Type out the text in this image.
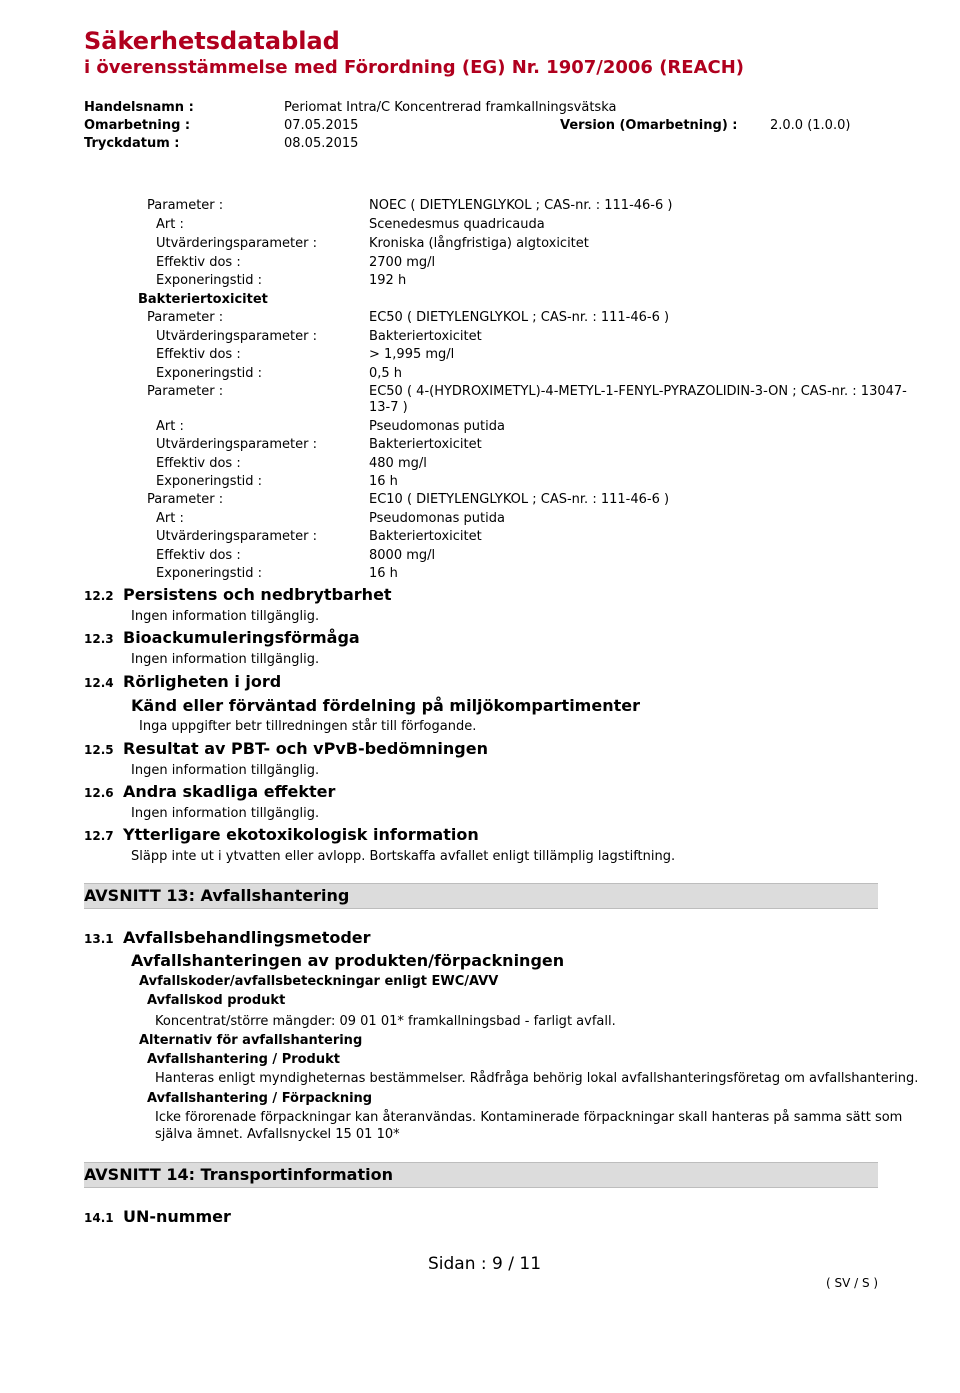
Säkerhetsdatablad
i överensstämmelse med Förordning (EG) Nr. 1907/2006 (REACH)
Handelsnamn :	Periomat Intra/C Koncentrerad framkallningsvätska
Omarbetning :	07.05.2015	Version (Omarbetning) :	2.0.0 (1.0.0)
Tryckdatum :	08.05.2015
Parameter :	NOEC ( DIETYLENGLYKOL ; CAS-nr. : 111-46-6 )
Art :	Scenedesmus quadricauda
Utvärderingsparameter :	Kroniska (långfristiga) algtoxicitet
Effektiv dos :	2700 mg/l
Exponeringstid :	192 h
Bakteriertoxicitet
Parameter :	EC50 ( DIETYLENGLYKOL ; CAS-nr. : 111-46-6 )
Utvärderingsparameter :	Bakteriertoxicitet
Effektiv dos :	> 1,995 mg/l
Exponeringstid :	0,5 h
Parameter :	EC50 ( 4-(HYDROXIMETYL)-4-METYL-1-FENYL-PYRAZOLIDIN-3-ON ; CAS-nr. : 13047-
13-7 )
Art :	Pseudomonas putida
Utvärderingsparameter :	Bakteriertoxicitet
Effektiv dos :	480 mg/l
Exponeringstid :	16 h
Parameter :	EC10 ( DIETYLENGLYKOL ; CAS-nr. : 111-46-6 )
Art :	Pseudomonas putida
Utvärderingsparameter :	Bakteriertoxicitet
Effektiv dos :	8000 mg/l
Exponeringstid :	16 h
12.2 Persistens och nedbrytbarhet
Ingen information tillgänglig.
12.3 Bioackumuleringsförmåga
Ingen information tillgänglig.
12.4 Rörligheten i jord
Känd eller förväntad fördelning på miljökompartimenter
Inga uppgifter betr tillredningen står till förfogande.
12.5 Resultat av PBT- och vPvB-bedömningen
Ingen information tillgänglig.
12.6 Andra skadliga effekter
Ingen information tillgänglig.
12.7 Ytterligare ekotoxikologisk information
Släpp inte ut i ytvatten eller avlopp. Bortskaffa avfallet enligt tillämplig lagstiftning.
AVSNITT 13: Avfallshantering
13.1 Avfallsbehandlingsmetoder
Avfallshanteringen av produkten/förpackningen
Avfallskoder/avfallsbeteckningar enligt EWC/AVV
Avfallskod produkt
Koncentrat/större mängder: 09 01 01* framkallningsbad - farligt avfall.
Alternativ för avfallshantering
Avfallshantering / Produkt
Hanteras enligt myndigheternas bestämmelser. Rådfråga behörig lokal avfallshanteringsföretag om avfallshantering.
Avfallshantering / Förpackning
Icke förorenade förpackningar kan återanvändas. Kontaminerade förpackningar skall hanteras på samma sätt som
själva ämnet. Avfallsnyckel 15 01 10*
AVSNITT 14: Transportinformation
14.1 UN-nummer
Sidan : 9 / 11
( SV / S )
